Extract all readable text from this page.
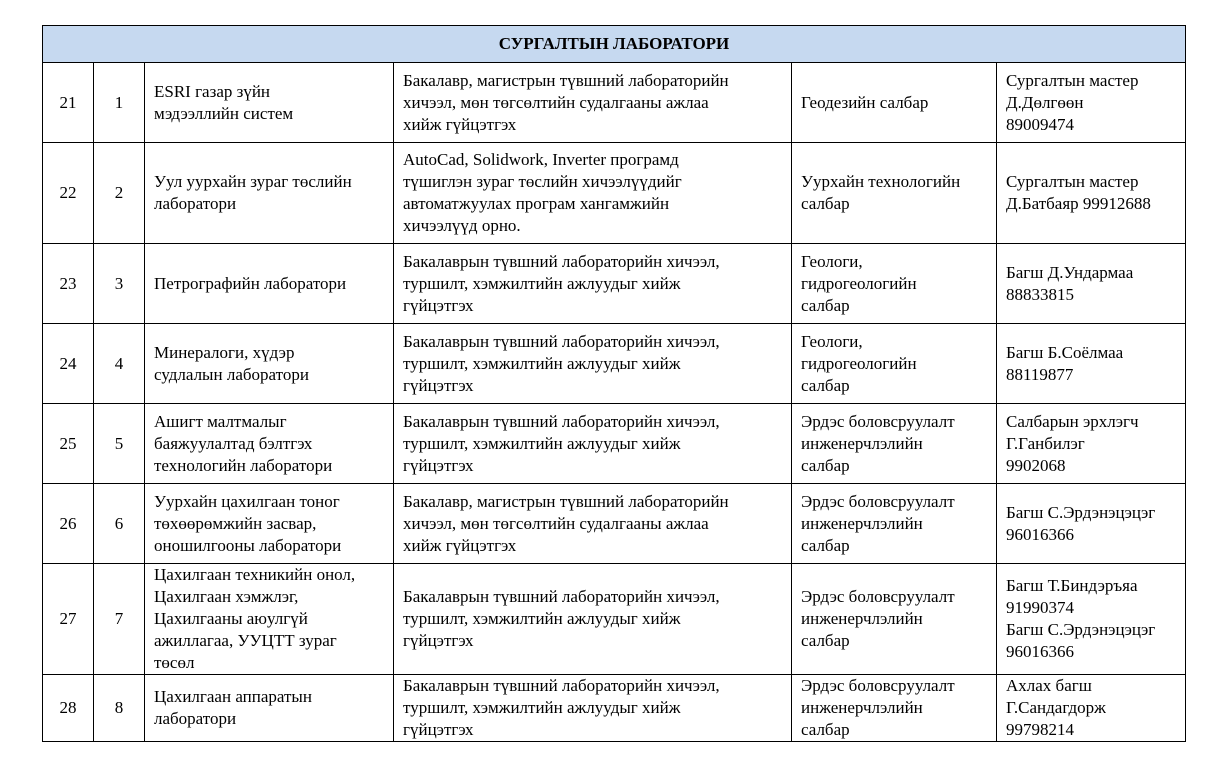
СУРГАЛТЫН ЛАБОРАТОРИ					
21	1	ESRI газар зүйн
мэдээллийн систем	Бакалавр, магистрын түвшний лабораторийн
хичээл, мөн төгсөлтийн судалгааны ажлаа
хийж гүйцэтгэх	Геодезийн салбар	Сургалтын мастер
Д.Дөлгөөн
89009474
22	2	Уул уурхайн зураг төслийн
лаборатори	AutoCad, Solidwork, Inverter програмд
түшиглэн зураг төслийн хичээлүүдийг
автоматжуулах програм хангамжийн
хичээлүүд орно.	Уурхайн технологийн
салбар	Сургалтын мастер
Д.Батбаяр 99912688
23	3	Петрографийн лаборатори	Бакалаврын түвшний лабораторийн хичээл,
туршилт, хэмжилтийн ажлуудыг хийж
гүйцэтгэх	Геологи,
гидрогеологийн
салбар	Багш Д.Ундармаа
88833815
24	4	Минералоги, хүдэр
судлалын лаборатори	Бакалаврын түвшний лабораторийн хичээл,
туршилт, хэмжилтийн ажлуудыг хийж
гүйцэтгэх	Геологи,
гидрогеологийн
салбар	Багш Б.Соёлмаа
88119877
25	5	Ашигт малтмалыг
баяжуулалтад бэлтгэх
технологийн лаборатори	Бакалаврын түвшний лабораторийн хичээл,
туршилт, хэмжилтийн ажлуудыг хийж
гүйцэтгэх	Эрдэс боловсруулалт
инженерчлэлийн
салбар	Салбарын эрхлэгч
Г.Ганбилэг
9902068
26	6	Уурхайн цахилгаан тоног
төхөөрөмжийн засвар,
оношилгооны лаборатори	Бакалавр, магистрын түвшний лабораторийн
хичээл, мөн төгсөлтийн судалгааны ажлаа
хийж гүйцэтгэх	Эрдэс боловсруулалт
инженерчлэлийн
салбар	Багш С.Эрдэнэцэцэг
96016366
27	7	Цахилгаан техникийн онол,
Цахилгаан хэмжлэг,
Цахилгааны аюулгүй
ажиллагаа, УУЦТТ зураг
төсөл	Бакалаврын түвшний лабораторийн хичээл,
туршилт, хэмжилтийн ажлуудыг хийж
гүйцэтгэх	Эрдэс боловсруулалт
инженерчлэлийн
салбар	Багш Т.Биндэръяа
91990374
Багш С.Эрдэнэцэцэг
96016366
28	8	Цахилгаан аппаратын
лаборатори	Бакалаврын түвшний лабораторийн хичээл,
туршилт, хэмжилтийн ажлуудыг хийж
гүйцэтгэх	Эрдэс боловсруулалт
инженерчлэлийн
салбар	Ахлах багш
Г.Сандагдорж
99798214
